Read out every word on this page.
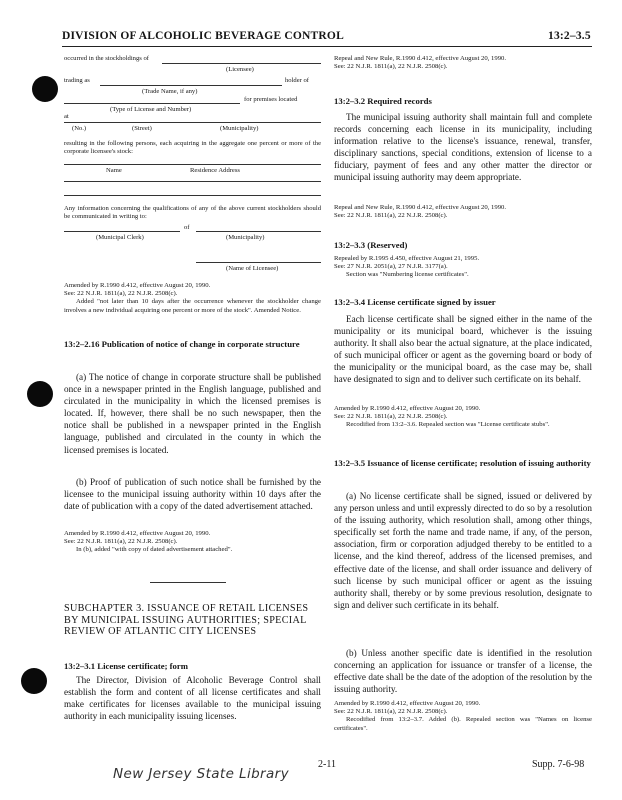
DIVISION OF ALCOHOLIC BEVERAGE CONTROL	13:2–3.5
occurred in the stockholdings of
(Licensee)
trading as	holder of
(Trade Name, if any)
for premises located
(Type of License and Number)
at
(No.)	(Street)	(Municipality)
resulting in the following persons, each acquiring in the aggregate one percent or more of the corporate licensee's stock:
Name	Residence Address
Any information concerning the qualifications of any of the above current stockholders should be communicated in writing to:
of
(Municipal Clerk)	(Municipality)
(Name of Licensee)
Amended by R.1990 d.412, effective August 20, 1990.
See: 22 N.J.R. 1811(a), 22 N.J.R. 2508(c).
Added "not later than 10 days after the occurrence whenever the stockholder change involves a new individual acquiring one percent or more of the stock". Amended Notice.
13:2–2.16 Publication of notice of change in corporate structure
(a) The notice of change in corporate structure shall be published once in a newspaper printed in the English language, published and circulated in the municipality in which the licensed premises is located. If, however, there shall be no such newspaper, then the notice shall be published in a newspaper printed in the English language, published and circulated in the county in which the licensed premises is located.
(b) Proof of publication of such notice shall be furnished by the licensee to the municipal issuing authority within 10 days after the date of publication with a copy of the dated advertisement attached.
Amended by R.1990 d.412, effective August 20, 1990.
See: 22 N.J.R. 1811(a), 22 N.J.R. 2508(c).
In (b), added "with copy of dated advertisement attached".
SUBCHAPTER 3. ISSUANCE OF RETAIL LICENSES BY MUNICIPAL ISSUING AUTHORITIES; SPECIAL REVIEW OF ATLANTIC CITY LICENSES
13:2–3.1 License certificate; form
The Director, Division of Alcoholic Beverage Control shall establish the form and content of all license certificates and shall make certificates for licenses available to the municipal issuing authority in each municipality issuing licenses.
Repeal and New Rule, R.1990 d.412, effective August 20, 1990.
See: 22 N.J.R. 1811(a), 22 N.J.R. 2508(c).
13:2–3.2 Required records
The municipal issuing authority shall maintain full and complete records concerning each license in its municipality, including information relative to the license's issuance, renewal, transfer, disciplinary sanctions, special conditions, extension of license to a fiduciary, payment of fees and any other matter the director or municipal issuing authority may deem appropriate.
Repeal and New Rule, R.1990 d.412, effective August 20, 1990.
See: 22 N.J.R. 1811(a), 22 N.J.R. 2508(c).
13:2–3.3 (Reserved)
Repealed by R.1995 d.450, effective August 21, 1995.
See: 27 N.J.R. 2051(a), 27 N.J.R. 3177(a).
Section was "Numbering license certificates".
13:2–3.4 License certificate signed by issuer
Each license certificate shall be signed either in the name of the municipality or its municipal board, whichever is the issuing authority. It shall also bear the actual signature, at the place indicated, of such municipal officer or agent as the governing board or body of the municipality or the municipal board, as the case may be, shall have designated to sign and to deliver such certificate on its behalf.
Amended by R.1990 d.412, effective August 20, 1990.
See: 22 N.J.R. 1811(a), 22 N.J.R. 2508(c).
Recodified from 13:2–3.6. Repealed section was "License certificate stubs".
13:2–3.5 Issuance of license certificate; resolution of issuing authority
(a) No license certificate shall be signed, issued or delivered by any person unless and until expressly directed to do so by a resolution of the issuing authority, which resolution shall, among other things, specifically set forth the name and trade name, if any, of the person, association, firm or corporation adjudged thereby to be entitled to a license, and the kind thereof, address of the licensed premises, and effective date of the license, and shall order issuance and delivery of such license by such municipal officer or agent as the issuing authority shall, thereby or by some previous resolution, designate to sign and deliver such certificate in its behalf.
(b) Unless another specific date is identified in the resolution concerning an application for issuance or transfer of a license, the effective date shall be the date of the adoption of the resolution by the issuing authority.
Amended by R.1990 d.412, effective August 20, 1990.
See: 22 N.J.R. 1811(a), 22 N.J.R. 2508(c).
Recodified from 13:2–3.7. Added (b). Repealed section was "Names on license certificates".
2-11	Supp. 7-6-98
New Jersey State Library
